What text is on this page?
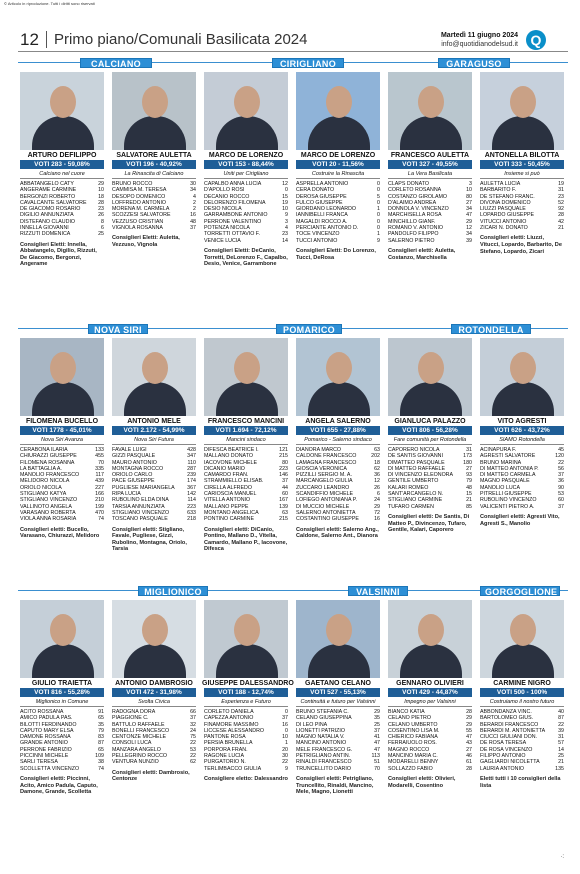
© Articolo in riproduzione. Tutti i diritti sono riservati
12 Primo piano/Comunali Basilicata 2024	Martedì 11 giugno 2024
info@quotidianodelsud.it Q
CALCIANO	CIRIGLIANO	GARAGUSO
NOVA SIRI	POMARICO	ROTONDELLA
MIGLIONICO	VALSINNI	GORGOGLIONE
ARTURO DEFILIPPO
VOTI 283 - 59,08%
Calciano nel cuore
ABBATANGELO CATY	29
ANGERAME CARMINE	10
BERGONZI ROBERTO	18
CAVALCANTE SALVATORE	28
DE GIACOMO ROSARIO	23
DIGILIO ANNUNZIATA	26
DISTEFANO CLAUDIO	8
INNELLA GIOVANNI	6
RIZZUTI DOMENICA	25
Consiglieri Eletti: Innella, Abbatangelo, Digilio, Rizzuti, De Giacomo, Bergonzi, Angerame
SALVATORE AULETTA
VOTI 196 - 40,92%
La Rinascita di Calciano
BRUNO ROCCO	30
CAMMISA M. TERESA	34
DESOPO DOMENICO	4
LOFFREDO ANTONIO	2
MORENA M. CARMELA	2
SCOZZESI SALVATORE	16
VEZZUSO CRISTIAN	48
VIGNOLA ROSANNA	37
Consiglieri Eletti: Auletta, Vezzuso, Vignola
MARCO DE LORENZO
VOTI 153 - 88,44%
Uniti per Cirigliano
CAPALBO ANNA LUCIA	12
D'APOLLO ROSI	0
DECANIO ROCCO	15
DELORENZO FILOMENA	19
DESIO NICOLA	10
GARRAMBONE ANTONIO	9
PERRONE VALENTINO	3
POTENZA NICOLA	4
TORRETTI OTTAVIO F.	23
VENICE LUCIA	14
Consiglieri Eletti: DeCanio, Torretti, DeLorenzo F., Capalbo, Desio, Venice, Garrambone
MARCO DE LORENZO
VOTI 20 - 11,56%
Costruire la Rinascita
ASPRELLA ANTONIO	0
CERA DONATO	0
DEROSA GIUSEPPE	5
FULCO GIUSEPPE	0
GIORDANO LEONARDO	1
IANNIBELLI FRANCA	0
MAGALDI ROCCO A.	0
PERCIANTE ANTONIO D.	0
TOCE VINCENZO	1
TUCCI ANTONIO	9
Consiglieri Eletti: Do Lorenzo, Tucci, DeRosa
FRANCESCO AULETTA
VOTI 327 - 49,55%
La Vera Basilicata
CLAPS DONATO	3
CORLETO ROSANNA	10
COSTANZO GIROLAMO	80
D'ALAIMO ANDREA	27
DONNOLA V. VINCENZO	34
MARCHISELLA ROSA	47
MINCHILLO GIANF.	29
ROMANO V. ANTONIO	12
PANDOLFO FILIPPO	34
SALERNO PIETRO	39
Consiglieri eletti: Auletta, Costanzo, Marchisella
ANTONELLA BILOTTA
VOTI 333 - 50,45%
Insieme si può
AULETTA LUCIA	19
BARBARITO F.	31
DE STEFANO FRANC.	23
DIVONA DOMENICO	52
LIUZZI PASQUALE	92
LOPARDO GIUSEPPE	28
VITUCCI ANTONIO	42
ZICARI N. DONATO	21
Consiglieri eletti: Liuzzi, Vitucci, Lopardo, Barbarito, De Stefano, Lopardo, Zicari
FILOMENA BUCELLO
VOTI 1778 - 45,01%
Nova Siri Avanza
CERABONA ILARIA	133
CHIURAZZI GIUSEPPE	455
FILOMENA ROSANNA	70
LA BATTAGLIA A.	335
MANOLIO FRANCESCO	117
MELIDORO NICOLA	439
ORIOLO NICOLA	227
STIGLIANO KATYA	166
STIGLIANO VINCENZO	210
VALLINOTO ANGELA	199
VARASANO ROBERTA	470
VIOLA ANNA ROSARIA	74
Consiglieri eletti: Bucello, Varasano, Chiurazzi, Melidoro
ANTONIO MELE
VOTI 2.172 - 54,99%
Nova Siri Futura
FAVALE LUIGI	428
GIZZI PASQUALE	347
MAURO ANTONIO	110
MONTAGNA ROCCO	287
ORIOLO CARLO	239
PACE GIUSEPPE	174
PUGLIESE MARIANGELA	367
RIPA LUCIA	142
RUBOLINO ELDA DINA	114
TARSIA ANNUNZIATA	223
STIGLIANO VINCENZO	633
TOSCANO PASQUALE	218
Consiglieri eletti: Stigliano, Favale, Pugliese, Gizzi, Rubolino, Montagna, Oriolo, Tarsia
FRANCESCO MANCINI
VOTI 1.694 - 72,12%
Mancini sindaco
DIFESCA BEATRICE I.	121
MALLANO DONATO	215
IACOVONE MICHELE	80
DICANIO MARIO	223
CAMARDO FRAN.	146
STRAMMIELLO ELISAB.	37
CIRELLA ALFREDO	44
CARIOSCIA MANUEL	60
VITELLA ANTONIO	167
MALLANO PEPPE	139
MONTANO ANGELICA	63
PONTINO CARMINE	215
Consiglieri eletti: DiCanio, Pontino, Mallano D., Vitella, Camardo, Mallano P., Iacovone, Difesca
ANGELA SALERNO
VOTI 655 - 27,88%
Pomarico - Salerno sindaco
DIANORA MARCO	63
CALDONE FRANCESCO	202
LAMAGNA FRANCESCO	18
GIOSCIA VERONICA	62
PIZZILLI SERGIO M. A.	36
MARCANGELO GIULIA	12
ZUCCARO LEANDRO	26
SCANDIFFIO MICHELE	6
LOFIEGO ANTONIANA P.	24
DI MUCCIO MICHELE	29
SALERNO ANTONIETTA	72
COSTANTINO GIUSEPPE	16
Consiglieri eletti: Salerno Ang., Caldone, Salerno Ant., Dianora
GIANLUCA PALAZZO
VOTI 806 - 56,28%
Fare comunità per Rotondella
CAPORERO NICOLA	31
DE SANTIS GIOVANNI	173
DIMATTEO PASQUALE	180
DI MATTEO RAFFAELE	27
DI VINCENZO ELEONORA	93
GENTILE UMBERTO	79
KALARI ROMEO	48
SANT'ARCANGELO N.	15
STIGLIANO CARMINE	21
TUFARO CARMEN	85
Consiglieri eletti: De Santis, Di Matteo P., Divincenzo, Tufaro, Gentile, Kalari, Caporero
VITO AGRESTI
VOTI 626 - 43,72%
SIAMO Rotondella
ACINAPURA F.	45
AGRESTI SALVATORE	120
BRUNO MARINA	22
DI MATTEO ANTONIA P.	56
DI MATTEO CARMELA	37
MAGNO PASQUALE	36
MANOLIO LUCA	90
PITRELLI GIUSEPPE	53
RUBOLINO VINCENZO	60
VALICENTI PIETRO A.	37
Consiglieri eletti: Agresti Vito, Agresti S., Manolio
GIULIO TRAIETTA
VOTI 816 - 55,28%
Miglionico in Comune
ACITO ROSSANA	91
AMICO PADULA PAS.	65
BILOTTI FERDINANDO	35
CAPUTO MARY ELSA	79
DAMONE ROSSANA	83
GRANDE ANTONIO	87
PERRONE FABRIZIO	65
PICCINNI MICHELE	109
SARLI TERESA	38
SCOLLETTA VINCENZO	74
Consiglieri eletti: Piccinni, Acito, Amico Padula, Caputo, Damone, Grande, Scolletta
ANTONIO DAMBROSIO
VOTI 472 - 31,98%
Svolta Civica
RADOGNA DORA	66
PIAGGIONE C.	37
BATTULO RAFFAELE	32
BONELLI FRANCESCO	24
CENTONZE MICHELE	75
CONSOLI LUCA	22
MANZARA ANGELO	53
PELLEGRINO ROCCO	22
VENTURA NUNZIO	62
Consiglieri eletti: Dambrosio, Centonze
GIUSEPPE DALESSANDRO
VOTI 188 - 12,74%
Esperienza e Futuro
CORLETO DANIELA	0
CAPEZZA ANTONIO	37
FINAMORE MASSIMO	16
LICCESE ALESSANDRO	0
PANTONE ROSA	10
PERSIA BRUNELLA	1
PORPORA FRAN.	20
RAGONE LUCIA	30
PURGATORIO N.	22
TERLIMBACCO GIULIA	9
Consigliere eletto: Dalessandro
GAETANO CELANO
VOTI 527 - 55,13%
Continuità e futuro per Valsinni
BRUNO STEFANIA C.	29
CELANO GIUSEPPINA	35
DI LEO PINA	25
LIONETTI PATRIZIO	37
MAGNO NATALIA V.	41
MANCINO ANTONIO	47
MELE FRANCESCO G.	47
PETRIGLIANO ANTIN.	113
RINALDI FRANCESCO	51
TRUNCELLITO DARIO	70
Consiglieri eletti: Petrigliano, Truncellito, Rinaldi, Mancino, Mele, Magno, Lionetti
GENNARO OLIVIERI
VOTI 429 - 44,87%
Impegno per Valsinni
BIANCO KATIA	28
CELANO PIETRO	29
CELANO UMBERTO	29
COSENTINO LISA M.	55
CHIERICO FABIANA	47
FERRAIUOLO ROS.	43
MAGNO ROCCO	27
MANCINO MARIA C.	46
MODARELLI BENNY	61
SOLLAZZO FABIO	28
Consiglieri eletti: Olivieri, Modarelli, Cosentino
CARMINE NIGRO
VOTI 500 - 100%
Costruiamo il nostro futuro
ABBONDANZA VINC.	40
BARTOLOMEO GIUS.	87
BERARDI FRANCESCO	22
BERARDI M. ANTONIETTA	39
CIUCCI GIULIANI DON.	31
DE ROSA TERESA	57
DE ROSA VINCENZO	14
FILIPPO ANTONIO	25
GAGLIARDI NICOLETTA	21
LAURIA ANTONIO	135
Eletti tutti i 10 consiglieri della lista
·:
